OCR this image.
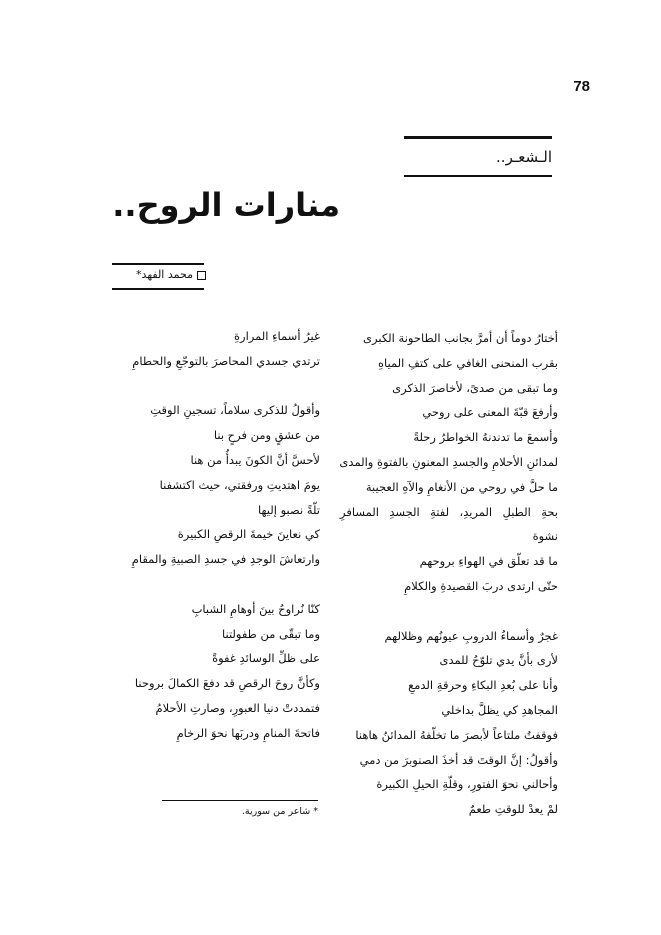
78
الـشعـر..
منارات الروح..
محمد الفهد*
أختارُ دوماً أن أمرَّ بجانب الطاحونة الكبرى
بقرب المنحنى الغافي على كتفِ المياهِ
وما تبقى من صدىً، لأخاصرَ الذكرى
وأرفعَ قبّةَ المعنى على روحي
وأسمعَ ما تدندنهُ الخواطرُ رحلةً
لمدائنِ الأحلامِ والجسدِ المعنونِ بالفتوةِ والمدى
ما حلَّ في روحي من الأنغامِ والآهِ العجيبة
بحةِ الطبلِ المريدِ، لفتةِ الجسدِ المسافرِ
نشوة
ما قد تعلّق في الهواءِ بروحهم
حتّى ارتدى دربَ القصيدةِ والكلامِ
غجرٌ وأسماءُ الدروبِ عيونُهم وظلالهم
لأرى بأنَّ يدي تلوّحُ للمدى
وأنا على بُعدِ البكاءِ وحرقةِ الدمعِ
المجاهدِ كي يظلَّ بداخلي
فوقفتُ ملتاعاً لأبصرَ ما تخلّفهُ المدائنُ هاهنا
وأقولُ: إنَّ الوقتَ قد أخذَ الصنوبرَ من دمي
وأحالني نحوَ الفتورِ، وقلّةِ الحيلِ الكبيرة
لمْ يعدْ للوقتِ طعمٌ
غيرُ أسماءِ المرارةِ
ترتدي جسدي المحاصرَ بالتوجّعِ والحطامِ
وأقولُ للذكرى سلاماً، تسجينِ الوقتِ
من عشقٍ ومن فرحٍ بنا
لأحسَّ أنَّ الكونَ يبدأُ من هنا
يومَ اهتديتِ ورفقتي، حيث اكتشفنا
تلّةً نصبو إليها
كي نعاينَ خيمةَ الرقصِ الكبيرة
وارتعاشَ الوجدِ في جسدِ الصبيةِ والمقامِ
كنّا نُراوحُ بينَ أوهامِ الشبابِ
وما تبقّى من طفولتنا
على ظلِّ الوسائدِ غفوةً
وكأنَّ روحَ الرقصِ قد دفعَ الكمالَ بروحنا
فتمددتْ دنيا العبورِ، وصارتِ الأحلامُ
فاتحةَ المنامِ ودربَها نحوَ الرخامِ
* شاعر من سورية.
